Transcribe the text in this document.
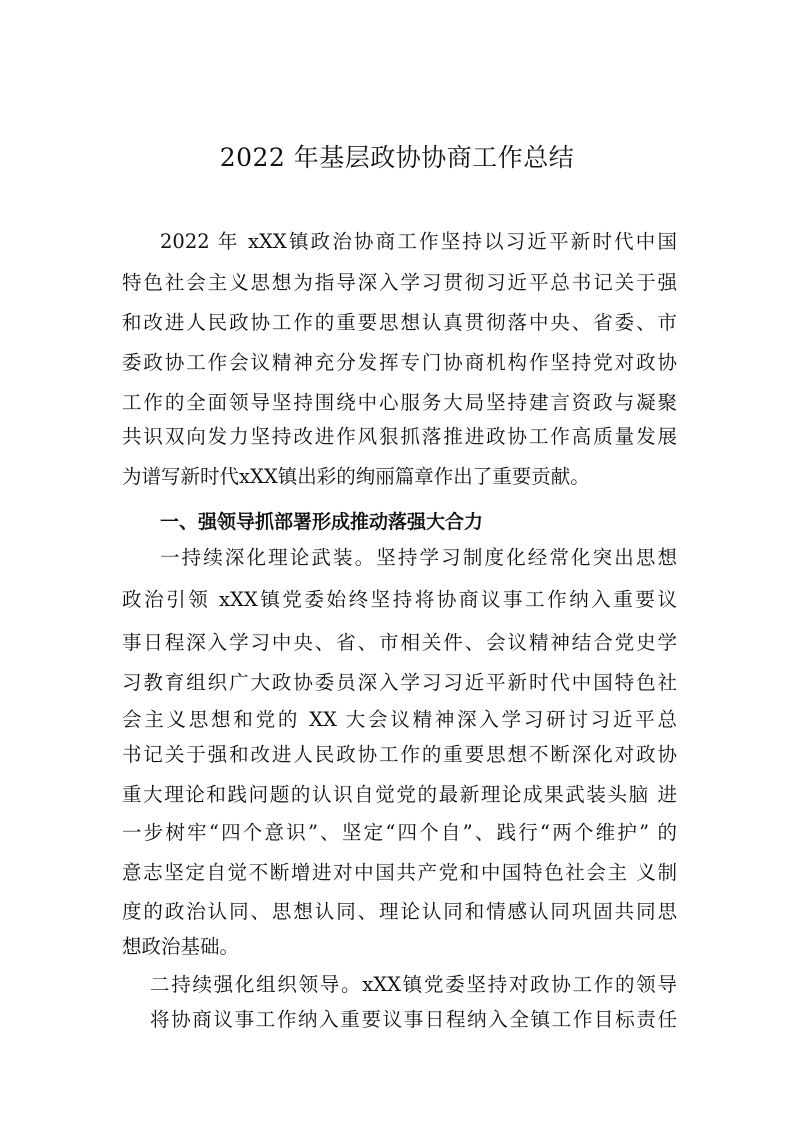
2022 年基层政协协商工作总结
2022 年 xXX镇政治协商工作坚持以习近平新时代中国
特色社会主义思想为指导深入学习贯彻习近平总书记关于强
和改进人民政协工作的重要思想认真贯彻落中央、省委、市
委政协工作会议精神充分发挥专门协商机构作坚持党对政协
工作的全面领导坚持围绕中心服务大局坚持建言资政与凝聚
共识双向发力坚持改进作风狠抓落推进政协工作高质量发展
为谱写新时代xXX镇出彩的绚丽篇章作出了重要贡献。
一、强领导抓部署形成推动落强大合力
一持续深化理论武装。坚持学习制度化经常化突出思想
政治引领 xXX镇党委始终坚持将协商议事工作纳入重要议
事日程深入学习中央、省、市相关件、会议精神结合党史学
习教育组织广大政协委员深入学习习近平新时代中国特色社
会主义思想和党的 XX 大会议精神深入学习研讨习近平总
书记关于强和改进人民政协工作的重要思想不断深化对政协
重大理论和践问题的认识自觉党的最新理论成果武装头脑 进
一步树牢“四个意识”、坚定“四个自”、践行“两个维护” 的
意志坚定自觉不断增进对中国共产党和中国特色社会主 义制
度的政治认同、思想认同、理论认同和情感认同巩固共同思
想政治基础。
二持续强化组织领导。xXX镇党委坚持对政协工作的领导
将协商议事工作纳入重要议事日程纳入全镇工作目标责任
